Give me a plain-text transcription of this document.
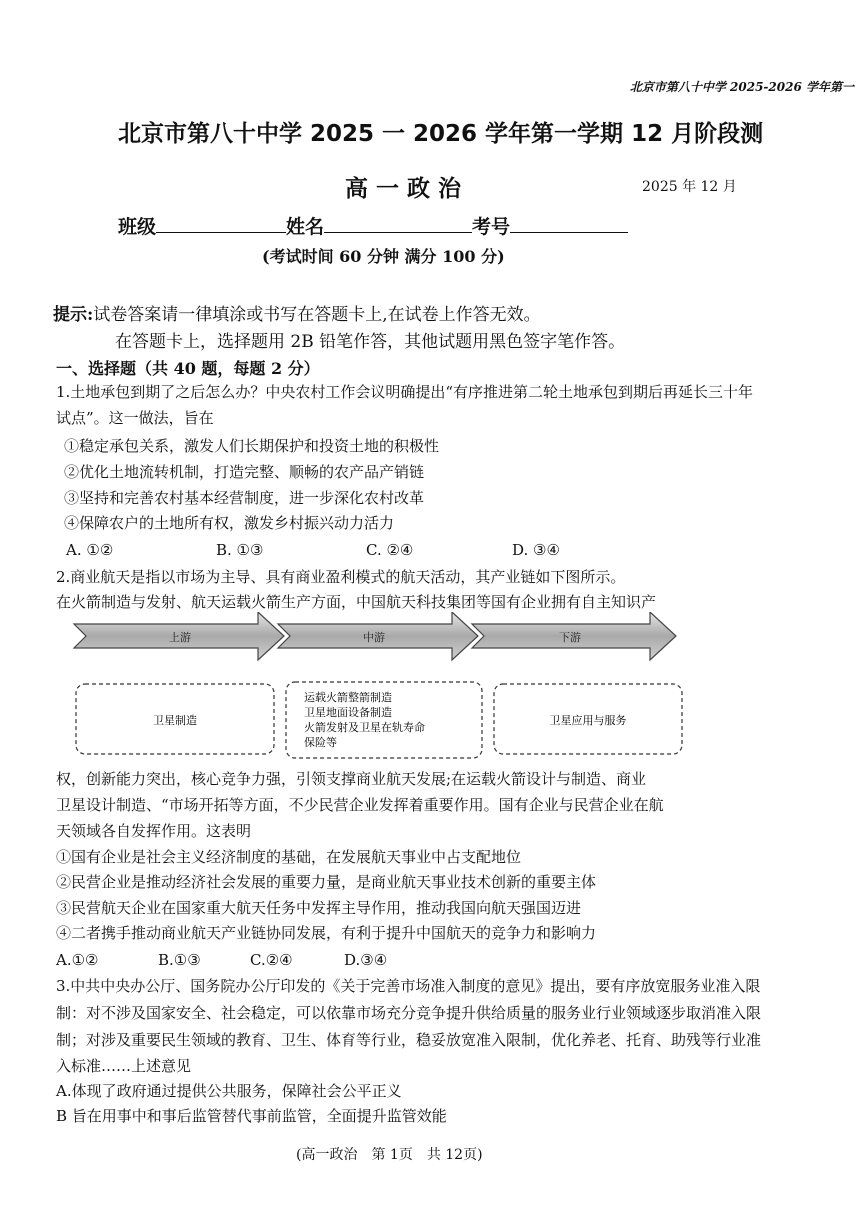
北京市第八十中学 2025-2026 学年第一
北京市第八十中学 2025 一 2026 学年第一学期 12 月阶段测
高 一 政 治	2025 年 12 月
班级	姓名	考号
(考试时间 60 分钟 满分 100 分)
提示:试卷答案请一律填涂或书写在答题卡上,在试卷上作答无效。
在答题卡上，选择题用 2B 铅笔作答，其他试题用黑色签字笔作答。
一、选择题（共 40 题，每题 2 分）
1.土地承包到期了之后怎么办？中央农村工作会议明确提出“有序推进第二轮土地承包到期后再延长三十年
试点”。这一做法，旨在
①稳定承包关系，激发人们长期保护和投资土地的积极性
②优化土地流转机制，打造完整、顺畅的农产品产销链
③坚持和完善农村基本经营制度，进一步深化农村改革
④保障农户的土地所有权，激发乡村振兴动力活力
A. ①②	B. ①③	C. ②④	D. ③④
2.商业航天是指以市场为主导、具有商业盈利模式的航天活动，其产业链如下图所示。
在火箭制造与发射、航天运载火箭生产方面，中国航天科技集团等国有企业拥有自主知识产
上游	中游	下游
卫星制造
运载火箭整箭制造
卫星地面设备制造
火箭发射及卫星在轨寿命
保险等
卫星应用与服务
权，创新能力突出，核心竞争力强，引领支撑商业航天发展;在运载火箭设计与制造、商业
卫星设计制造、“市场开拓等方面，不少民营企业发挥着重要作用。国有企业与民营企业在航
天领域各自发挥作用。这表明
①国有企业是社会主义经济制度的基础，在发展航天事业中占支配地位
②民营企业是推动经济社会发展的重要力量，是商业航天事业技术创新的重要主体
③民营航天企业在国家重大航天任务中发挥主导作用，推动我国向航天强国迈进
④二者携手推动商业航天产业链协同发展，有利于提升中国航天的竞争力和影响力
A.①②	B.①③	C.②④	D.③④
3.中共中央办公厅、国务院办公厅印发的《关于完善市场准入制度的意见》提出，要有序放宽服务业准入限
制：对不涉及国家安全、社会稳定，可以依靠市场充分竞争提升供给质量的服务业行业领域逐步取消准入限
制；对涉及重要民生领域的教育、卫生、体育等行业，稳妥放宽准入限制，优化养老、托育、助残等行业准
入标准……上述意见
A.体现了政府通过提供公共服务，保障社会公平正义
B 旨在用事中和事后监管替代事前监管，全面提升监管效能
(高一政治　第 1页　共 12页)
